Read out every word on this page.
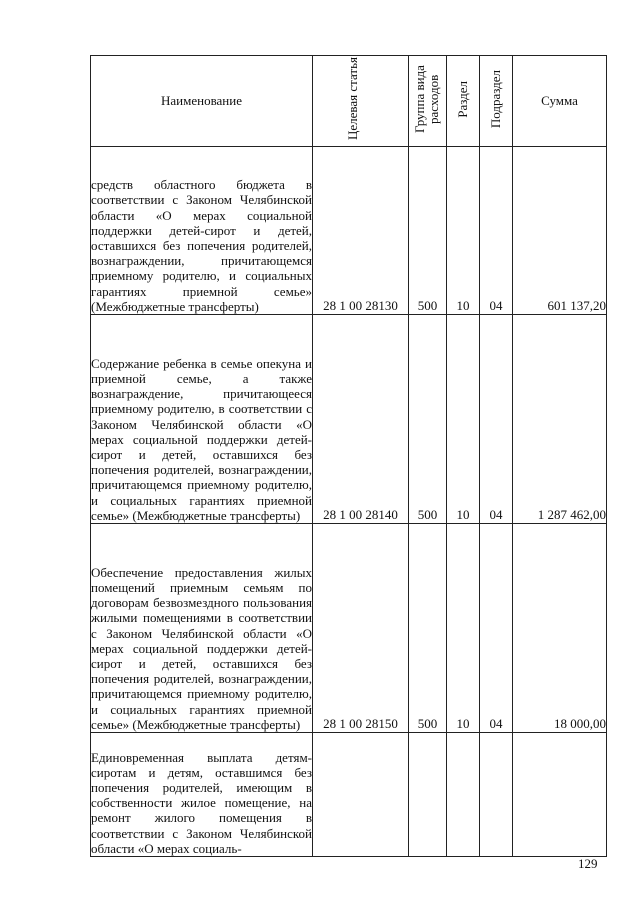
Наименование	Целевая статья	Группа вида расходов	Раздел	Подраздел	Сумма

средств областного бюджета в соответствии с Законом Челябинской области «О мерах социальной поддержки детей-сирот и детей, оставшихся без попечения родителей, вознаграждении, причитающемся приемному родителю, и социальных гарантиях приемной семье» (Межбюджетные трансферты)	28 1 00 28130	500	10	04	601 137,20

Содержание ребенка в семье опекуна и приемной семье, а также вознаграждение, причитающееся приемному родителю, в соответствии с Законом Челябинской области «О мерах социальной поддержки детей-сирот и детей, оставшихся без попечения родителей, вознаграждении, причитающемся приемному родителю, и социальных гарантиях приемной семье» (Межбюджетные трансферты)	28 1 00 28140	500	10	04	1 287 462,00

Обеспечение предоставления жилых помещений приемным семьям по договорам безвозмездного пользования жилыми помещениями в соответствии с Законом Челябинской области «О мерах социальной поддержки детей-сирот и детей, оставшихся без попечения родителей, вознаграждении, причитающемся приемному родителю, и социальных гарантиях приемной семье» (Межбюджетные трансферты)	28 1 00 28150	500	10	04	18 000,00

Единовременная выплата детям-сиротам и детям, оставшимся без попечения родителей, имеющим в собственности жилое помещение, на ремонт жилого помещения в соответствии с Законом Челябинской области «О мерах социаль-					

129
